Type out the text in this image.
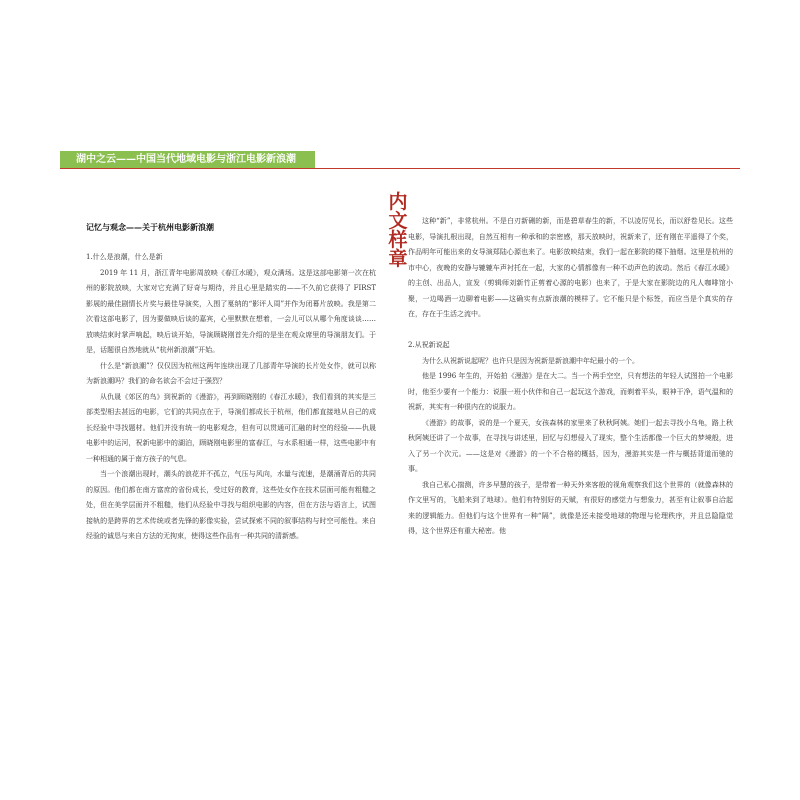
湖中之云——中国当代地域电影与浙江电影新浪潮
内
文
样
章
记忆与观念——关于杭州电影新浪潮

1.什么是浪潮，什么是新

2019 年 11 月，浙江青年电影周放映《春江水暖》，观众满场。这是这部电影第一次在杭州的影院放映，大家对它充满了好奇与期待，并且心里是踏实的——不久前它获得了 FIRST 影展的最佳剧情长片奖与最佳导演奖，入围了戛纳的“影评人周”并作为闭幕片放映。我是第二次看这部电影了，因为要做映后谈的嘉宾，心里默默在想着，一会儿可以从哪个角度谈谈……放映结束时掌声响起，映后谈开始，导演顾晓刚首先介绍的是坐在观众席里的导演朋友们。于是，话题很自然地就从“杭州新浪潮”开始。

什么是“新浪潮”？仅仅因为杭州这两年连续出现了几部青年导演的长片处女作，就可以称为新浪潮吗？我们的命名欲会不会过于强烈？

从仇晟《郊区的鸟》到祝新的《漫游》，再到顾晓刚的《春江水暖》，我们看到的其实是三部类型相去甚远的电影，它们的共同点在于，导演们都成长于杭州，他们都直接地从自己的成长经验中寻找题材。他们并没有统一的电影观念，但有可以贯通可汇融的时空的经验——仇晟电影中的运河，祝新电影中的湖泊，顾晓刚电影里的富春江，与水系相通一样，这些电影中有一种相通的属于南方孩子的气息。

当一个浪潮出现时，潮头的浪花并不孤立，气压与风向，水量与流速，是潮涌背后的共同的原因。他们都在南方富庶的省份成长，受过好的教育，这些处女作在技术层面可能有粗糙之处，但在美学层面并不粗糙，他们从经验中寻找与组织电影的内容，但在方法与语言上，试图接轨的是跨界的艺术传统或者先锋的影像实验，尝试探索不同的叙事结构与时空可能性。来自经验的诚恳与来自方法的无拘束，使得这些作品有一种共同的清新感。

这种“新”，非常杭州。不是白刃新硎的新，而是碧草春生的新，不以凌厉见长，而以舒卷见长。这些电影，导演扎根出现，自然互相有一种承和的亲密感，那天放映时，祝新来了，还有刚在平遥得了个奖，作品明年可能出来的女导演郑陆心源也来了。电影放映结束，我们一起在影院的楼下抽烟。这里是杭州的市中心，夜晚的安静与辘辘车声衬托在一起，大家的心情都像有一种不动声色的波动。然后《春江水暖》的主创、出品人，宣发（剪辑师刘新竹正剪着心源的电影）也来了，于是大家在影院边的凡人咖啡馆小聚，一边喝酒一边聊着电影——这确实有点新浪潮的模样了。它不能只是个标签，而应当是个真实的存在，存在于生活之流中。

2.从祝新说起

为什么从祝新说起呢？也许只是因为祝新是新浪潮中年纪最小的一个。

他是 1996 年生的，开始拍《漫游》是在大二。当一个两手空空，只有想法的年轻人试图拍一个电影时，他至少要有一个能力：说服一班小伙伴和自己一起玩这个游戏，而剃着平头，眼神干净，语气温和的祝新，其实有一种很内在的说服力。

《漫游》的故事，说的是一个夏天，女孩森林的家里来了秋秋阿姨。她们一起去寻找小乌龟，路上秋秋阿姨还讲了一个故事，在寻找与讲述里，回忆与幻想侵入了现实，整个生活都像一个巨大的梦境般，进入了另一个次元。——这是对《漫游》的一个不合格的概括，因为，漫游其实是一件与概括背道而驰的事。

我自己私心揣测，许多早慧的孩子，是带着一种天外来客般的视角观察我们这个世界的（就像森林的作文里写的，飞船来到了地球）。他们有特别好的天赋，有很好的感觉力与想象力，甚至有让叙事自洽起来的逻辑能力。但他们与这个世界有一种“隔”，就像是还未接受地球的物理与伦理秩序，并且总隐隐觉得，这个世界还有重大秘密。他
